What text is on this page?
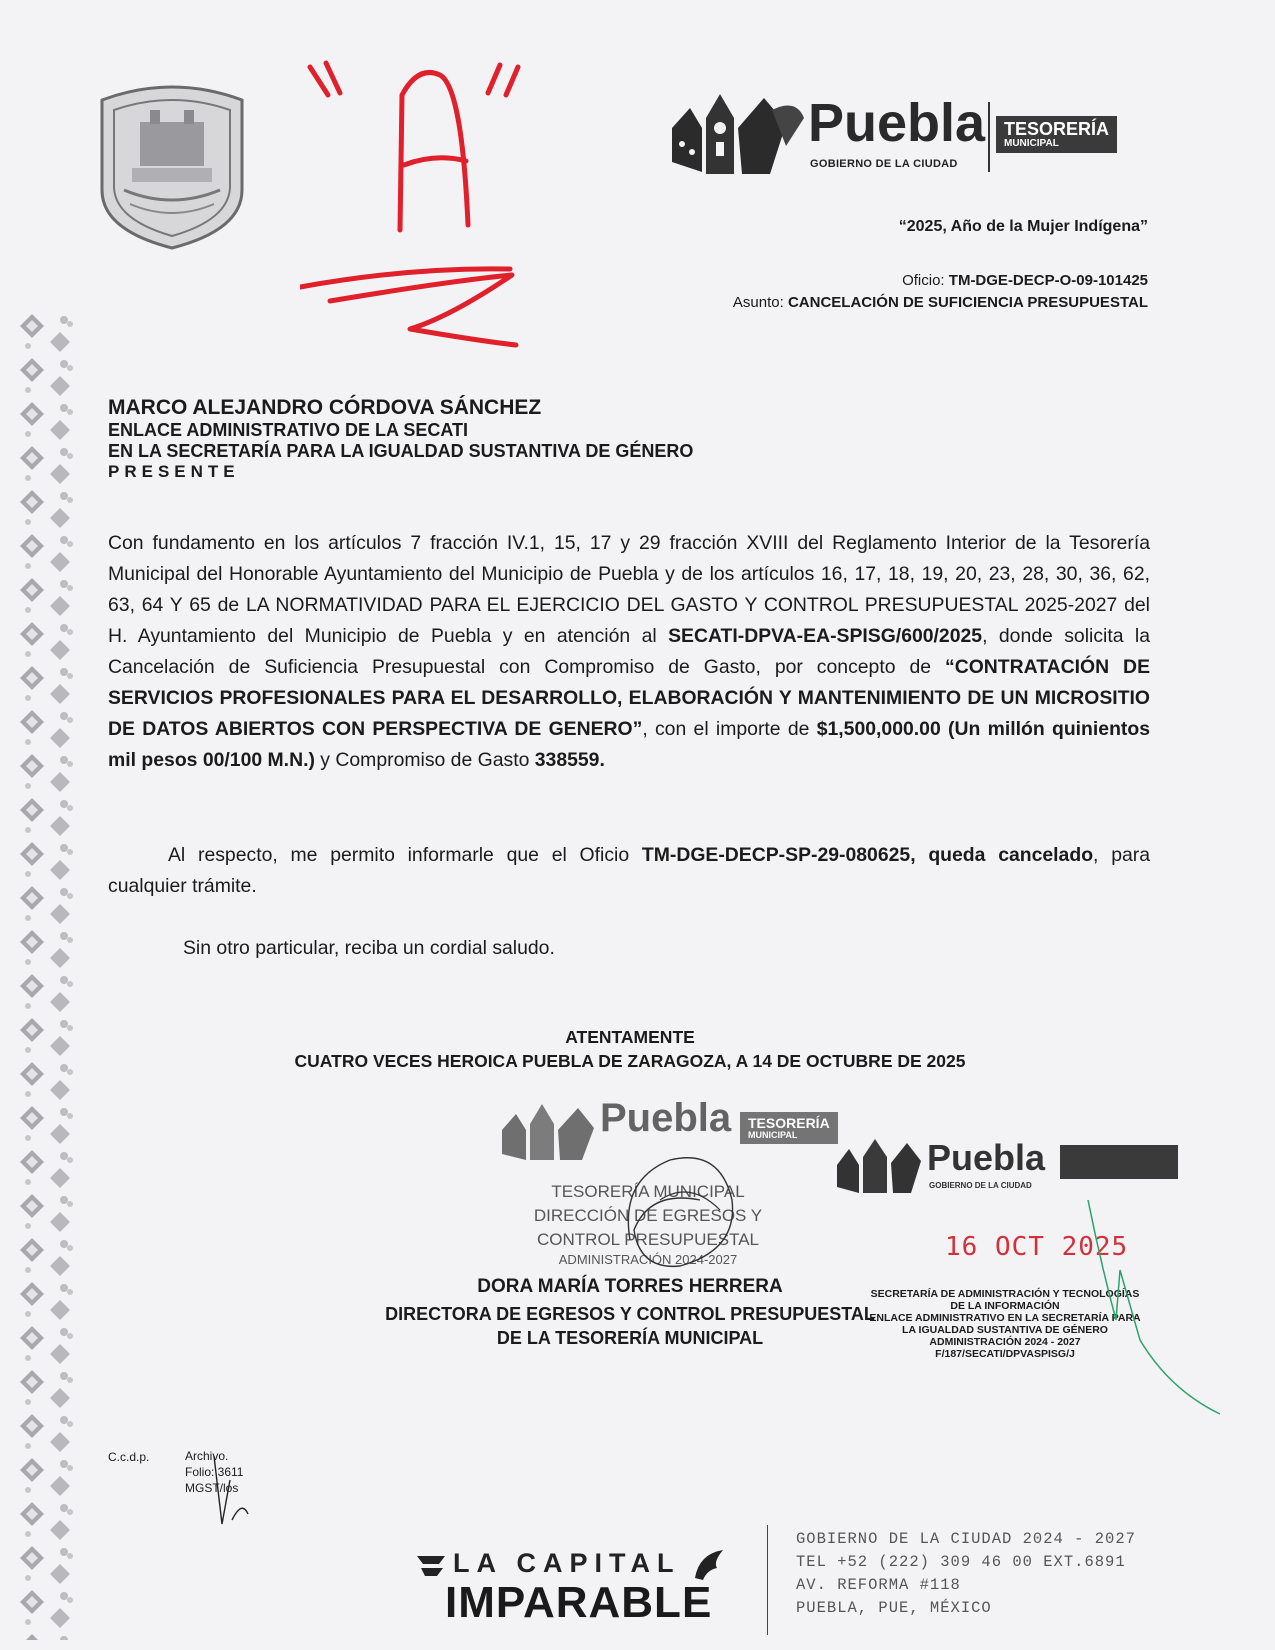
Puebla
GOBIERNO DE LA CIUDAD
TESORERÍA
MUNICIPAL
“2025, Año de la Mujer Indígena”
Oficio: TM-DGE-DECP-O-09-101425
Asunto: CANCELACIÓN DE SUFICIENCIA PRESUPUESTAL
MARCO ALEJANDRO CÓRDOVA SÁNCHEZ
ENLACE ADMINISTRATIVO DE LA SECATI
EN LA SECRETARÍA PARA LA IGUALDAD SUSTANTIVA DE GÉNERO
PRESENTE
Con fundamento en los artículos 7 fracción IV.1, 15, 17 y 29 fracción XVIII del Reglamento Interior de la Tesorería Municipal del Honorable Ayuntamiento del Municipio de Puebla y de los artículos 16, 17, 18, 19, 20, 23, 28, 30, 36, 62, 63, 64 Y 65 de LA NORMATIVIDAD PARA EL EJERCICIO DEL GASTO Y CONTROL PRESUPUESTAL 2025-2027 del H. Ayuntamiento del Municipio de Puebla y en atención al SECATI-DPVA-EA-SPISG/600/2025, donde solicita la Cancelación de Suficiencia Presupuestal con Compromiso de Gasto, por concepto de “CONTRATACIÓN DE SERVICIOS PROFESIONALES PARA EL DESARROLLO, ELABORACIÓN Y MANTENIMIENTO DE UN MICROSITIO DE DATOS ABIERTOS CON PERSPECTIVA DE GENERO”, con el importe de $1,500,000.00 (Un millón quinientos mil pesos 00/100 M.N.) y Compromiso de Gasto 338559.
Al respecto, me permito informarle que el Oficio TM-DGE-DECP-SP-29-080625, queda cancelado, para cualquier trámite.
Sin otro particular, reciba un cordial saludo.
ATENTAMENTE
CUATRO VECES HEROICA PUEBLA DE ZARAGOZA, A 14 DE OCTUBRE DE 2025
Puebla TESORERÍA
MUNICIPAL
TESORERÍA MUNICIPAL
DIRECCIÓN DE EGRESOS Y
CONTROL PRESUPUESTAL
ADMINISTRACIÓN 2024-2027
Puebla
GOBIERNO DE LA CIUDAD
16 OCT 2025
DORA MARÍA TORRES HERRERA
DIRECTORA DE EGRESOS Y CONTROL PRESUPUESTAL
DE LA TESORERÍA MUNICIPAL
SECRETARÍA DE ADMINISTRACIÓN Y TECNOLOGÍAS
DE LA INFORMACIÓN
ENLACE ADMINISTRATIVO EN LA SECRETARÍA PARA
LA IGUALDAD SUSTANTIVA DE GÉNERO
ADMINISTRACIÓN 2024 - 2027
F/187/SECATI/DPVASPISG/J
C.c.d.p.	Archivo.
Folio: 3611
MGST/los
LA CAPITAL
IMPARABLE
GOBIERNO DE LA CIUDAD 2024 - 2027
TEL +52 (222) 309 46 00 EXT.6891
AV. REFORMA #118
PUEBLA, PUE, MÉXICO
